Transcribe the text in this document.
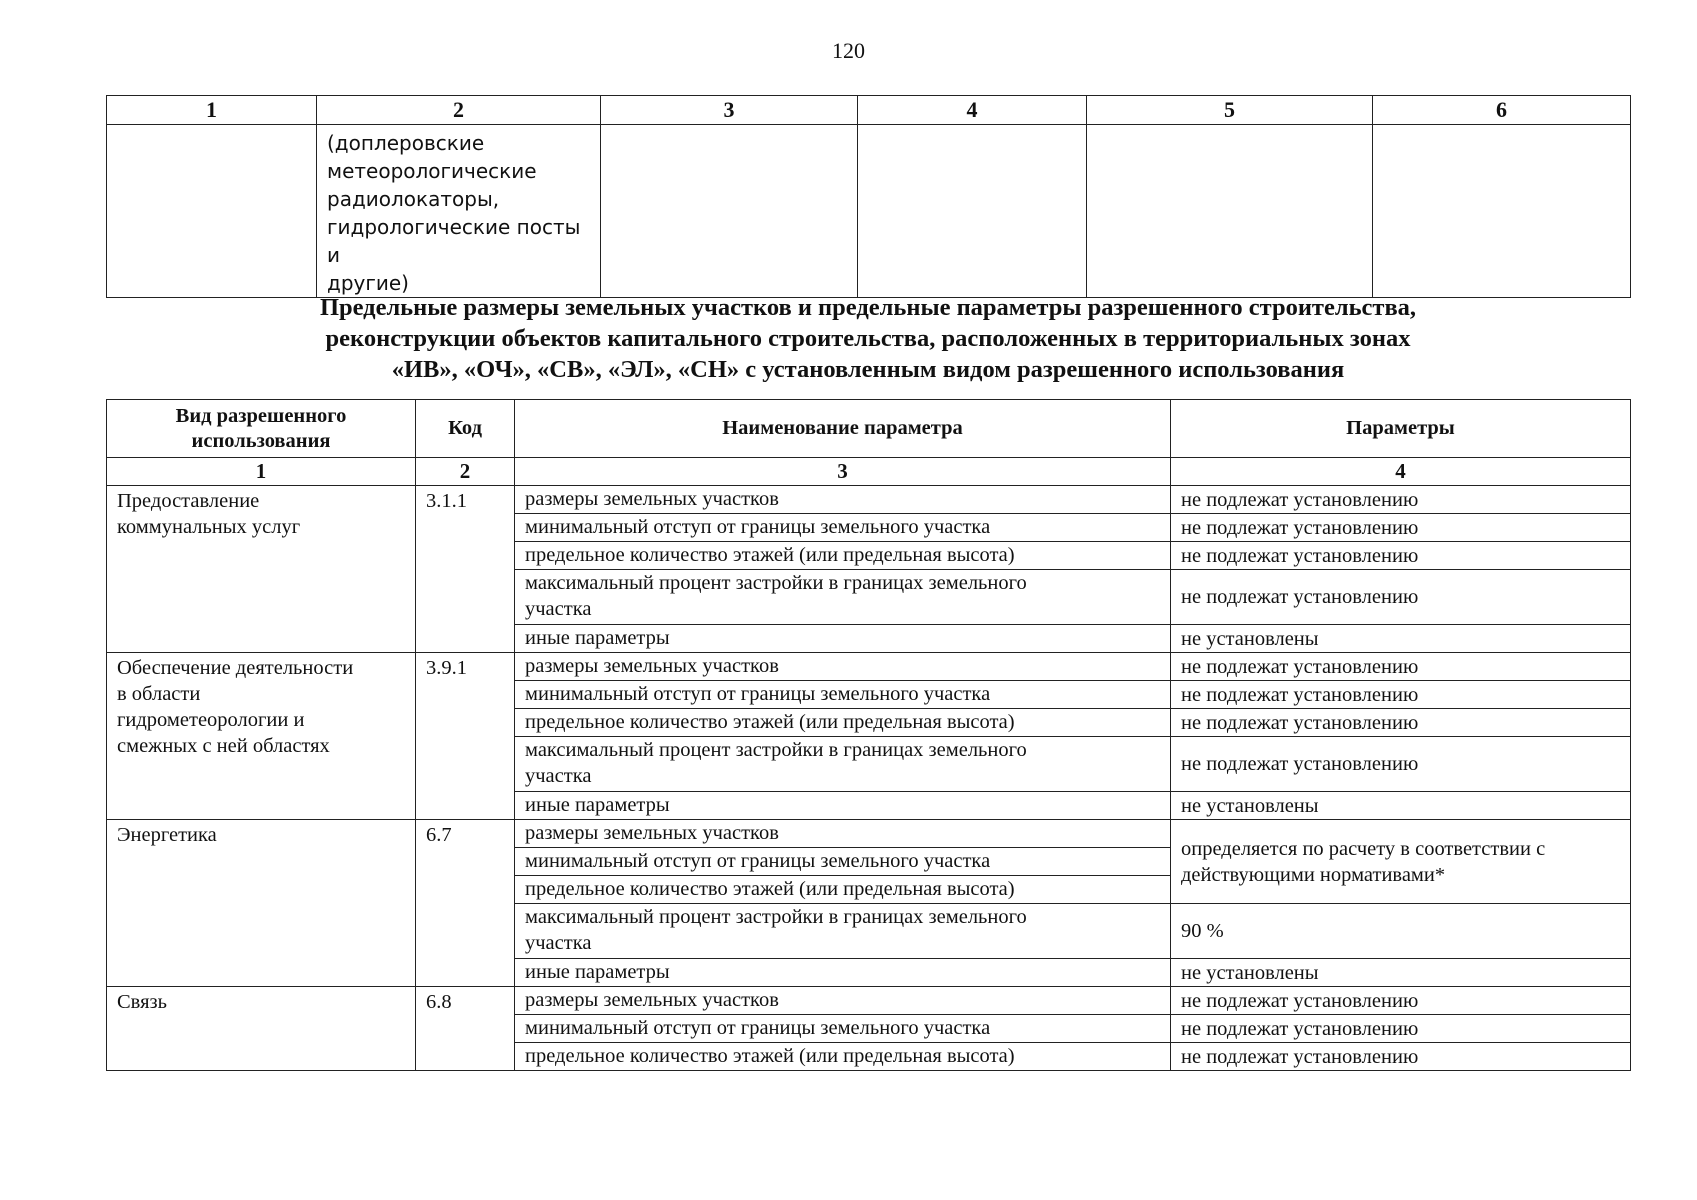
120
1	2	3	4	5	6

	(доплеровские
метеорологические
радиолокаторы,
гидрологические посты и
другие)				

Предельные размеры земельных участков и предельные параметры разрешенного строительства,
реконструкции объектов капитального строительства, расположенных в территориальных зонах
«ИВ», «ОЧ», «СВ», «ЭЛ», «СН» с установленным видом разрешенного использования
Вид разрешенного
использования	Код	Наименование параметра	Параметры
1	2	3	4

Предоставление
коммунальных услуг	3.1.1	размеры земельных участков	не подлежат установлению
		минимальный отступ от границы земельного участка	не подлежат установлению
		предельное количество этажей (или предельная высота)	не подлежат установлению

		максимальный процент застройки в границах земельного
участка	не подлежат установлению
		иные параметры	не установлены

Обеспечение деятельности
в области
гидрометеорологии и
смежных с ней областях	3.9.1	размеры земельных участков	не подлежат установлению
		минимальный отступ от границы земельного участка	не подлежат установлению
		предельное количество этажей (или предельная высота)	не подлежат установлению

		максимальный процент застройки в границах земельного
участка	не подлежат установлению
		иные параметры	не установлены

Энергетика	6.7	размеры земельных участков	определяется по расчету в соответствии с
действующими нормативами*

		минимальный отступ от границы земельного участка	
		предельное количество этажей (или предельная высота)	

		максимальный процент застройки в границах земельного
участка	90 %
		иные параметры	не установлены

Связь	6.8	размеры земельных участков	не подлежат установлению
		минимальный отступ от границы земельного участка	не подлежат установлению
		предельное количество этажей (или предельная высота)	не подлежат установлению
